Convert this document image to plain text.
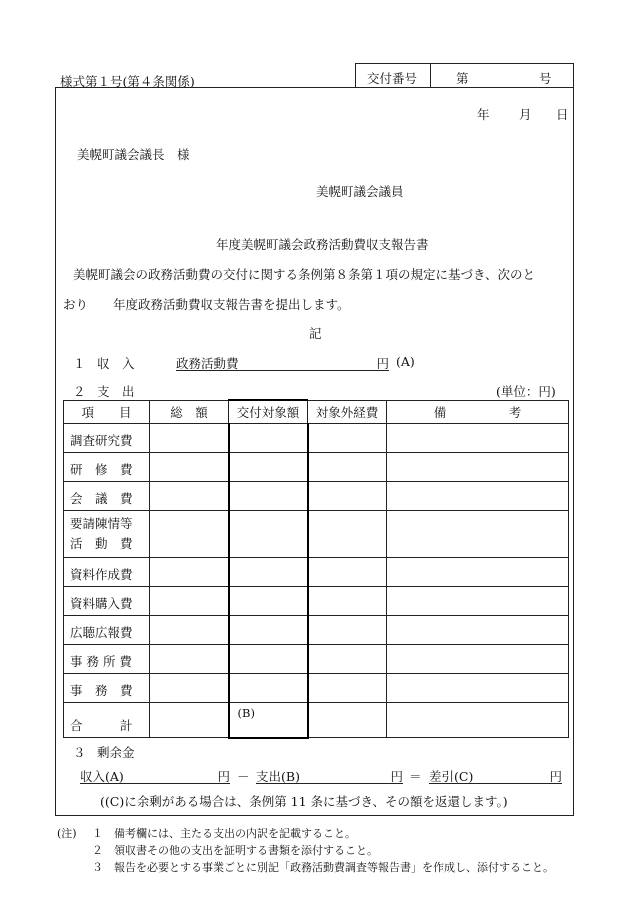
様式第１号(第４条関係)	交付番号	第	号
年 月 日
美幌町議会議長　様
美幌町議会議員
年度美幌町議会政務活動費収支報告書
美幌町議会の政務活動費の交付に関する条例第８条第１項の規定に基づき、次のと
おり　　年度政務活動費収支報告書を提出します。
記
１ 収　入	政務活動費	円 (A)
２ 支　出	(単位：円)
項　　目	総　額	交付対象額	対象外経費	備　　　　　考
調査研究費				
研　修　費				
会　議　費				

要請陳情等
活　動　費				

資料作成費				
資料購入費				
広聴広報費				
事 務 所 費				
事　務　費				
合　　　計		(B)		
３ 剰余金
収入(A)	円 － 支出(B)	円 ＝ 差引(C)	円
((C)に余剰がある場合は、条例第 11 条に基づき、その額を返還します。)
(注) １ 備考欄には、主たる支出の内訳を記載すること。
２ 領収書その他の支出を証明する書類を添付すること。
３ 報告を必要とする事業ごとに別記「政務活動費調査等報告書」を作成し、添付すること。
